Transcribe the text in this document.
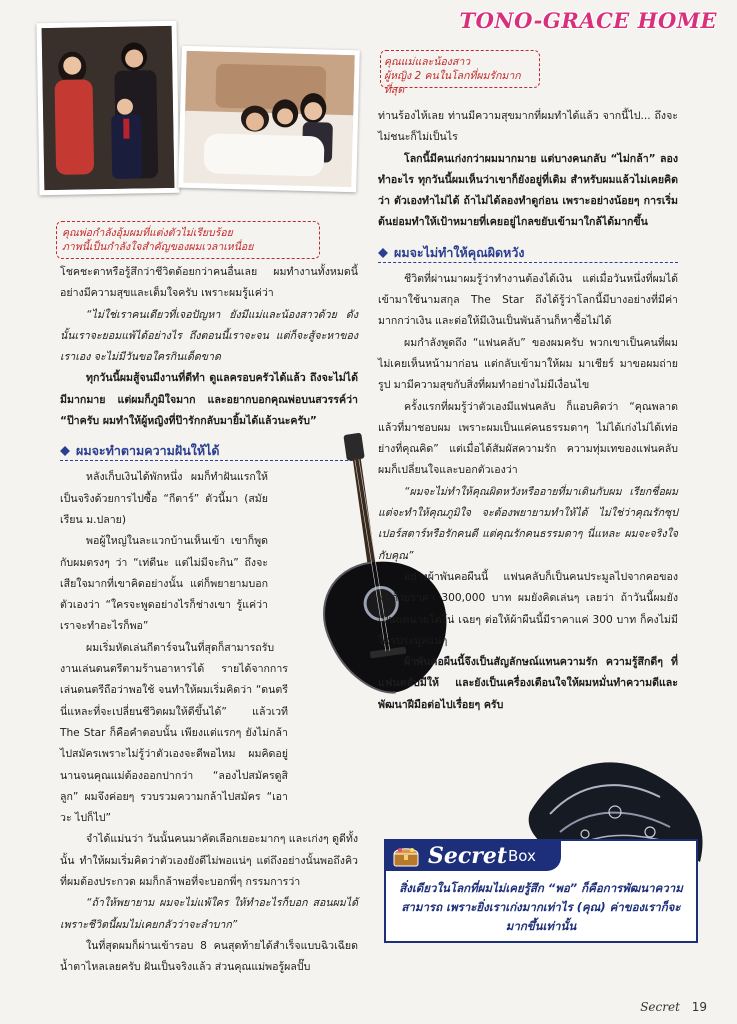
TONO-GRACE HOME
คุณแม่และน้องสาว
ผู้หญิง 2 คนในโลกที่ผมรักมากที่สุด
คุณพ่อกำลังอุ้มผมที่แต่งตัวไม่เรียบร้อย
ภาพนี้เป็นกำลังใจสำคัญของผมเวลาเหนื่อย

โชคชะตาหรือรู้สึกว่าชีวิตด้อยกว่าคนอื่นเลย ผมทำงานทั้งหมดนี้อย่างมีความสุขและเต็มใจครับ เพราะผมรู้แค่ว่า

“ไม่ใช่เราคนเดียวที่เจอปัญหา ยังมีแม่และน้องสาวด้วย ดังนั้นเราจะยอมแพ้ได้อย่างไร ถึงตอนนี้เราจะจน แต่ก็จะสู้จะหาของเราเอง จะไม่มีวันขอใครกินเด็ดขาด

ทุกวันนี้ผมสู้จนมีงานที่ดีทำ ดูแลครอบครัวได้แล้ว ถึงจะไม่ได้มีมากมาย แต่ผมก็ภูมิใจมาก และอยากบอกคุณพ่อบนสวรรค์ว่า “ป๊าครับ ผมทำให้ผู้หญิงที่ป๊ารักกลับมายิ้มได้แล้วนะครับ”

ผมจะทำตามความฝันให้ได้

หลังเก็บเงินได้พักหนึ่ง ผมก็ทำฝันแรกให้เป็นจริงด้วยการไปซื้อ “กีตาร์” ตัวนี้มา (สมัยเรียน ม.ปลาย)

พอผู้ใหญ่ในละแวกบ้านเห็นเข้า เขาก็พูดกับผมตรงๆ ว่า “เท่ดีนะ แต่ไม่มีจะกิน” ถึงจะเสียใจมากที่เขาคิดอย่างนั้น แต่ก็พยายามบอกตัวเองว่า “ใครจะพูดอย่างไรก็ช่างเขา รู้แค่ว่าเราจะทำอะไรก็พอ”

ผมเริ่มหัดเล่นกีตาร์จนในที่สุดก็สามารถรับงานเล่นดนตรีตามร้านอาหารได้ รายได้จากการเล่นดนตรีถือว่าพอใช้ จนทำให้ผมเริ่มคิดว่า “ดนตรีนี่แหละที่จะเปลี่ยนชีวิตผมให้ดีขึ้นได้” แล้วเวที The Star ก็คือคำตอบนั้น เพียงแต่แรกๆ ยังไม่กล้าไปสมัครเพราะไม่รู้ว่าตัวเองจะดีพอไหม ผมคิดอยู่นานจนคุณแม่ต้องออกปากว่า “ลองไปสมัครดูสิลูก” ผมจึงค่อยๆ รวบรวมความกล้าไปสมัคร “เอาวะ ไปก็ไป”

จำได้แม่นว่า วันนั้นคนมาคัดเลือกเยอะมากๆ และเก่งๆ ดูดีทั้งนั้น ทำให้ผมเริ่มคิดว่าตัวเองยังดีไม่พอแน่ๆ แต่ถึงอย่างนั้นพอถึงคิวที่ผมต้องประกวด ผมก็กล้าพอที่จะบอกพี่ๆ กรรมการว่า

“ถ้าให้พยายาม ผมจะไม่แพ้ใคร ให้ทำอะไรก็บอก สอนผมได้ เพราะชีวิตนี้ผมไม่เคยกลัวว่าจะลำบาก”

ในที่สุดผมก็ผ่านเข้ารอบ 8 คนสุดท้ายได้สำเร็จแบบฉิวเฉียด น้ำตาไหลเลยครับ ฝันเป็นจริงแล้ว ส่วนคุณแม่พอรู้ผลปั๊บ

ท่านร้องไห้เลย ท่านมีความสุขมากที่ผมทำได้แล้ว จากนี้ไป... ถึงจะไม่ชนะก็ไม่เป็นไร

โลกนี้มีคนเก่งกว่าผมมากมาย แต่บางคนกลับ “ไม่กล้า” ลองทำอะไร ทุกวันนี้ผมเห็นว่าเขาก็ยังอยู่ที่เดิม สำหรับผมแล้วไม่เคยคิดว่า ตัวเองทำไม่ได้ ถ้าไม่ได้ลองทำดูก่อน เพราะอย่างน้อยๆ การเริ่มต้นย่อมทำให้เป้าหมายที่เคยอยู่ไกลขยับเข้ามาใกล้ได้มากขึ้น

ผมจะไม่ทำให้คุณผิดหวัง

ชีวิตที่ผ่านมาผมรู้ว่าทำงานต้องได้เงิน แต่เมื่อวันหนึ่งที่ผมได้เข้ามาใช้นามสกุล The Star ถึงได้รู้ว่าโลกนี้มีบางอย่างที่มีค่ามากกว่าเงิน และต่อให้มีเงินเป็นพันล้านก็หาซื้อไม่ได้

ผมกำลังพูดถึง “แฟนคลับ” ของผมครับ พวกเขาเป็นคนที่ผมไม่เคยเห็นหน้ามาก่อน แต่กลับเข้ามาให้ผม มาเชียร์ มาขอผมถ่ายรูป มามีความสุขกับสิ่งที่ผมทำอย่างไม่มีเงื่อนไข

ครั้งแรกที่ผมรู้ว่าตัวเองมีแฟนคลับ ก็แอบคิดว่า “คุณพลาดแล้วที่มาชอบผม เพราะผมเป็นแค่คนธรรมดาๆ ไม่ได้เก่งไม่ได้เท่อย่างที่คุณคิด” แต่เมื่อได้สัมผัสความรัก ความทุ่มเทของแฟนคลับ ผมก็เปลี่ยนใจและบอกตัวเองว่า

“ผมจะไม่ทำให้คุณผิดหวังหรืออายที่มาเดินกับผม เรียกชื่อผม แต่จะทำให้คุณภูมิใจ จะต้องพยายามทำให้ได้ ไม่ใช่ว่าคุณรักซุปเปอร์สตาร์หรือรักคนดี แต่คุณรักคนธรรมดาๆ นี่แหละ ผมจะจริงใจกับคุณ”

อย่างผ้าพันคอผืนนี้ แฟนคลับก็เป็นคนประมูลไปจากคอของผมด้วยราคา 300,000 บาท ผมยังคิดเล่นๆ เลยว่า ถ้าวันนี้ผมยังเป็นแค่นายโตโน่ เฉยๆ ต่อให้ผ้าผืนนี้มีราคาแค่ 300 บาท ก็คงไม่มีใครประมูลแน่ๆ

ผ้าพันคอผืนนี้จึงเป็นสัญลักษณ์แทนความรัก ความรู้สึกดีๆ ที่แฟนคลับมีให้ และยังเป็นเครื่องเตือนใจให้ผมหมั่นทำความดีและพัฒนาฝีมือต่อไปเรื่อยๆ ครับ

Secret Box
สิ่งเดียวในโลกที่ผมไม่เคยรู้สึก “พอ” ก็คือการพัฒนาความสามารถ เพราะยิ่งเราเก่งมากเท่าไร (คุณ) ค่าของเราก็จะมากขึ้นเท่านั้น
Secret 19
